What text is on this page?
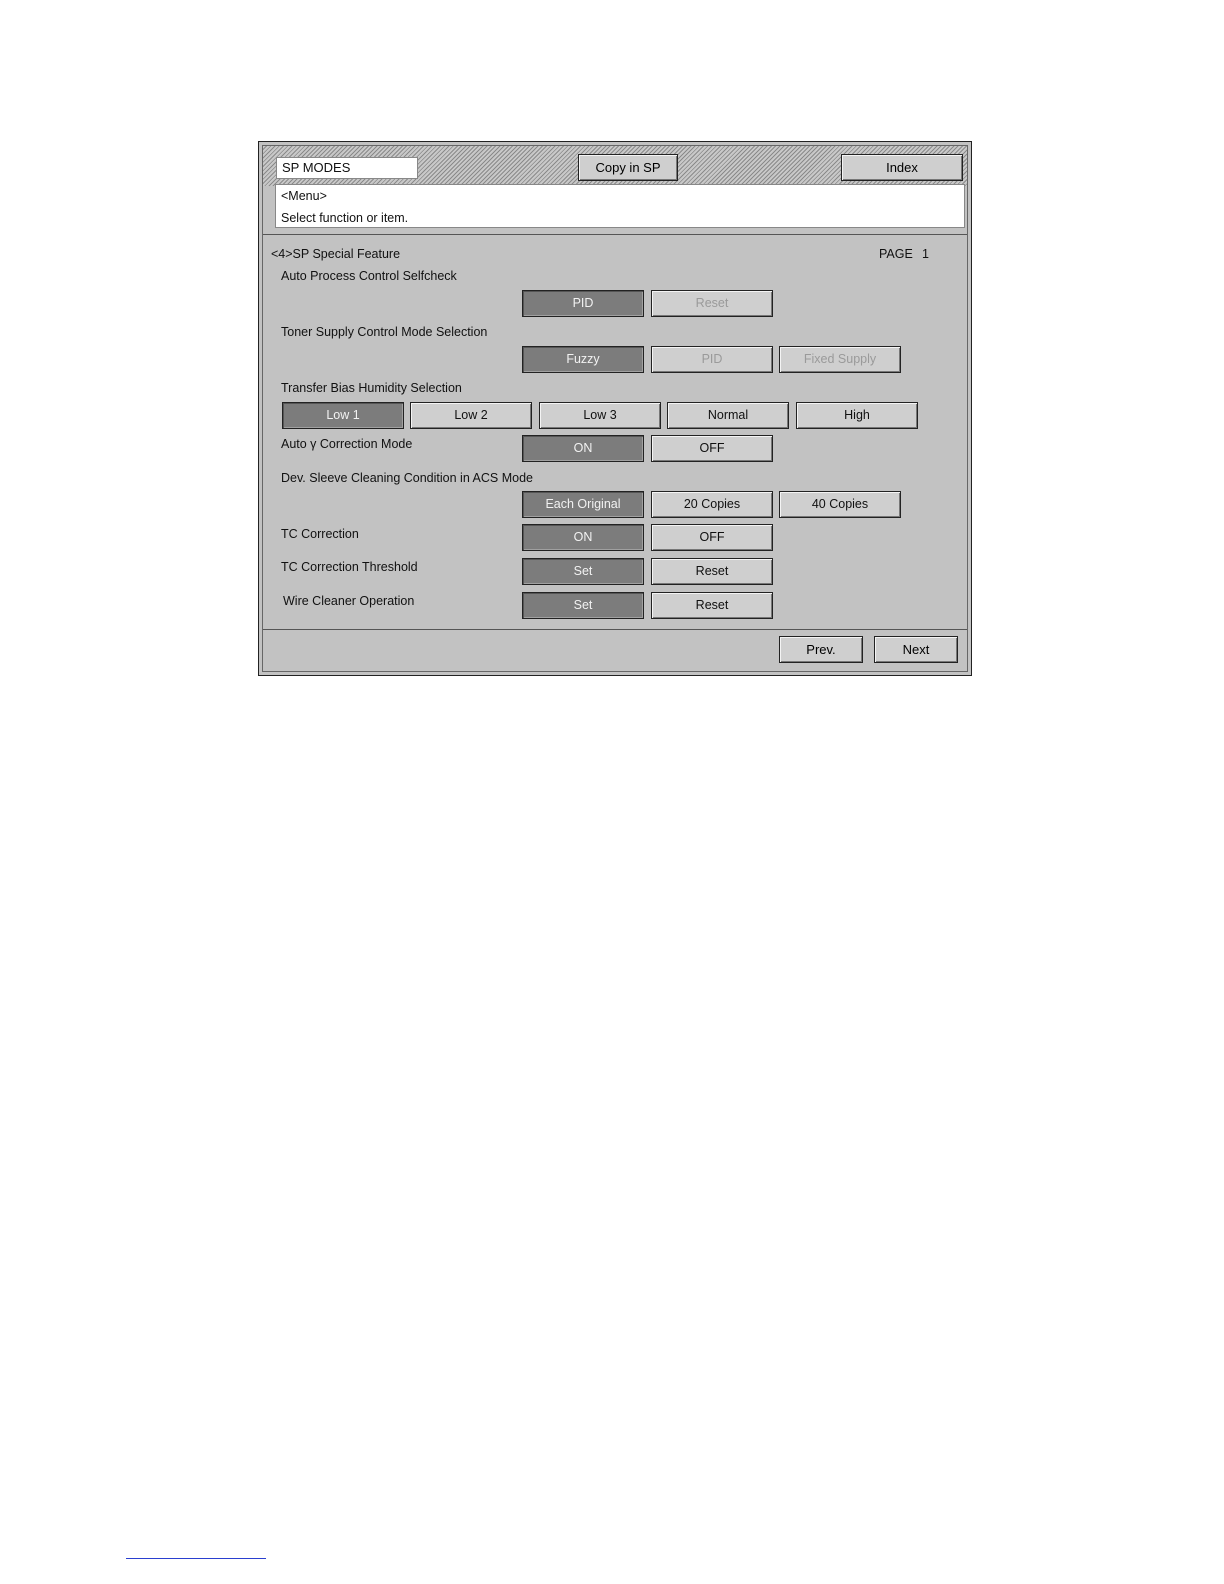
SP MODES	Copy in SP	Index
<Menu>
Select function or item.
<4>SP Special Feature	PAGE 1
Auto Process Control Selfcheck
PID	Reset
Toner Supply Control Mode Selection
Fuzzy	PID	Fixed Supply
Transfer Bias Humidity Selection
Low 1	Low 2	Low 3	Normal	High
Auto γ Correction Mode	ON	OFF
Dev. Sleeve Cleaning Condition in ACS Mode
Each Original	20 Copies	40 Copies
TC Correction	ON	OFF
TC Correction Threshold	Set	Reset
Wire Cleaner Operation	Set	Reset
Prev.	Next
